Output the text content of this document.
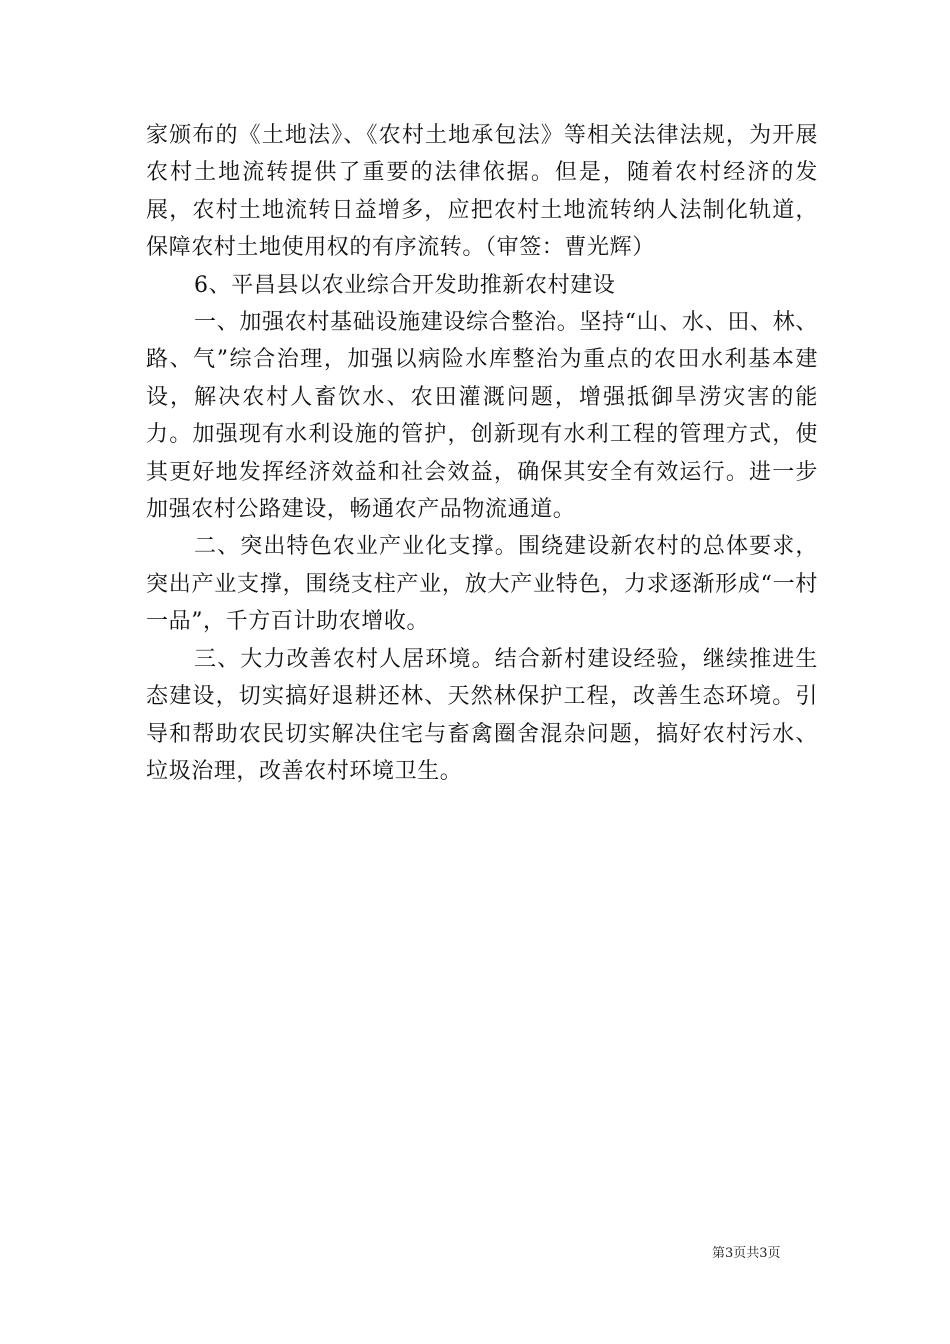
家颁布的《土地法》、《农村土地承包法》等相关法律法规，为开展农村土地流转提供了重要的法律依据。但是，随着农村经济的发展，农村土地流转日益增多，应把农村土地流转纳人法制化轨道，保障农村土地使用权的有序流转。（审签：曹光辉）

6、平昌县以农业综合开发助推新农村建设

一、加强农村基础设施建设综合整治。坚持“山、水、田、林、路、气”综合治理，加强以病险水库整治为重点的农田水利基本建设，解决农村人畜饮水、农田灌溉问题，增强抵御旱涝灾害的能力。加强现有水利设施的管护，创新现有水利工程的管理方式，使其更好地发挥经济效益和社会效益，确保其安全有效运行。进一步加强农村公路建设，畅通农产品物流通道。

二、突出特色农业产业化支撑。围绕建设新农村的总体要求，突出产业支撑，围绕支柱产业，放大产业特色，力求逐渐形成“一村一品”，千方百计助农增收。

三、大力改善农村人居环境。结合新村建设经验，继续推进生态建设，切实搞好退耕还林、天然林保护工程，改善生态环境。引导和帮助农民切实解决住宅与畜禽圈舍混杂问题，搞好农村污水、垃圾治理，改善农村环境卫生。

第3页共3页
